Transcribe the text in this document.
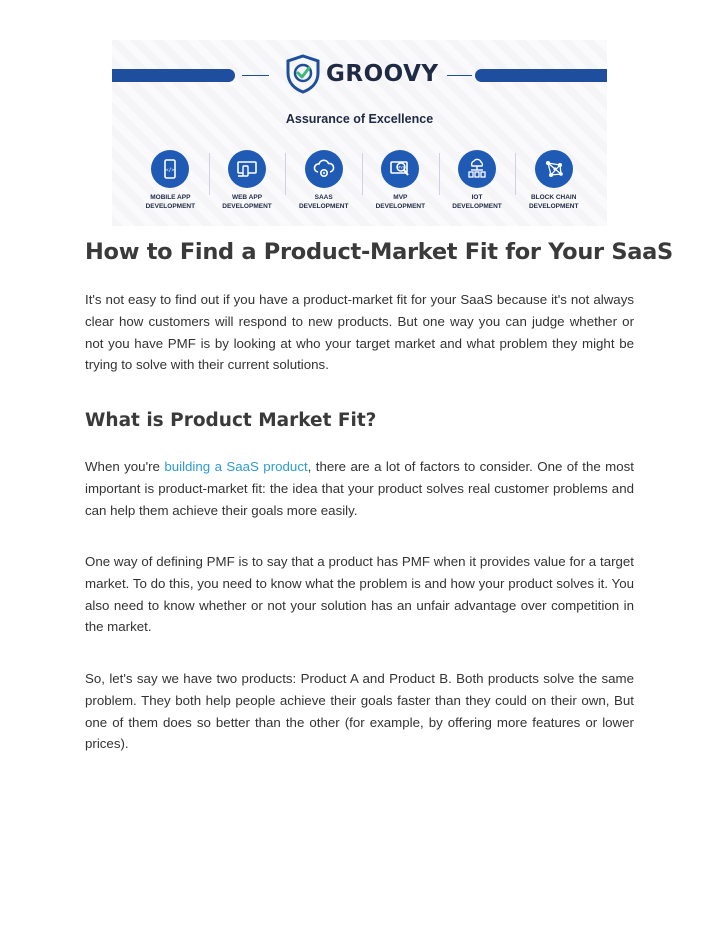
GROOVY
Assurance of Excellence
</>
MOBILE APP
DEVELOPMENT
WEB APP
DEVELOPMENT
SAAS
DEVELOPMENT
MVP
MVP
DEVELOPMENT
IOT
DEVELOPMENT
BLOCK CHAIN
DEVELOPMENT
How to Find a Product-Market Fit for Your SaaS

It's not easy to find out if you have a product-market fit for your SaaS because it's not always clear how customers will respond to new products. But one way you can judge whether or not you have PMF is by looking at who your target market and what problem they might be trying to solve with their current solutions.

What is Product Market Fit?

When you're building a SaaS product, there are a lot of factors to consider. One of the most important is product-market fit: the idea that your product solves real customer problems and can help them achieve their goals more easily.

One way of defining PMF is to say that a product has PMF when it provides value for a target market. To do this, you need to know what the problem is and how your product solves it. You also need to know whether or not your solution has an unfair advantage over competition in the market.

So, let's say we have two products: Product A and Product B. Both products solve the same problem. They both help people achieve their goals faster than they could on their own, But one of them does so better than the other (for example, by offering more features or lower prices).
